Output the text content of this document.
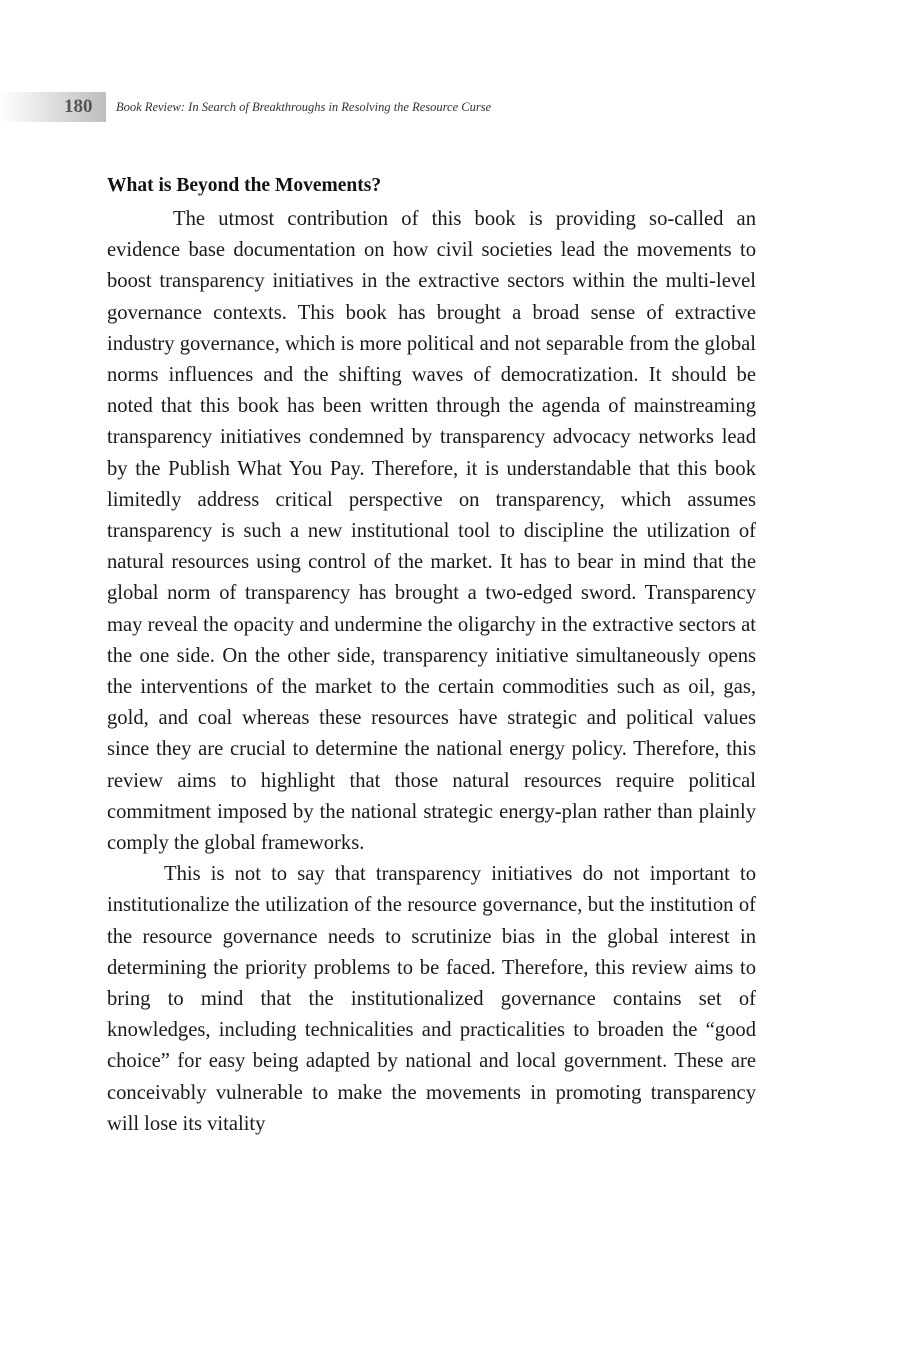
180 Book Review: In Search of Breakthroughs in Resolving the Resource Curse
What is Beyond the Movements?

The utmost contribution of this book is providing so-called an evidence base documentation on how civil societies lead the movements to boost transparency initiatives in the extractive sectors within the multi-level governance contexts. This book has brought a broad sense of extractive industry governance, which is more political and not separable from the global norms influences and the shifting waves of democratization. It should be noted that this book has been written through the agenda of mainstreaming transparency initiatives condemned by transparency advocacy networks lead by the Publish What You Pay. Therefore, it is understandable that this book limitedly address critical perspective on transparency, which assumes transparency is such a new institutional tool to discipline the utilization of natural resources using control of the market. It has to bear in mind that the global norm of transparency has brought a two-edged sword. Transparency may reveal the opacity and undermine the oligarchy in the extractive sectors at the one side. On the other side, transparency initiative simultaneously opens the interventions of the market to the certain commodities such as oil, gas, gold, and coal whereas these resources have strategic and political values since they are crucial to determine the national energy policy. Therefore, this review aims to highlight that those natural resources require political commitment imposed by the national strategic energy-plan rather than plainly comply the global frameworks.

This is not to say that transparency initiatives do not important to institutionalize the utilization of the resource governance, but the institution of the resource governance needs to scrutinize bias in the global interest in determining the priority problems to be faced. Therefore, this review aims to bring to mind that the institutionalized governance contains set of knowledges, including technicalities and practicalities to broaden the “good choice” for easy being adapted by national and local government. These are conceivably vulnerable to make the movements in promoting transparency will lose its vitality
